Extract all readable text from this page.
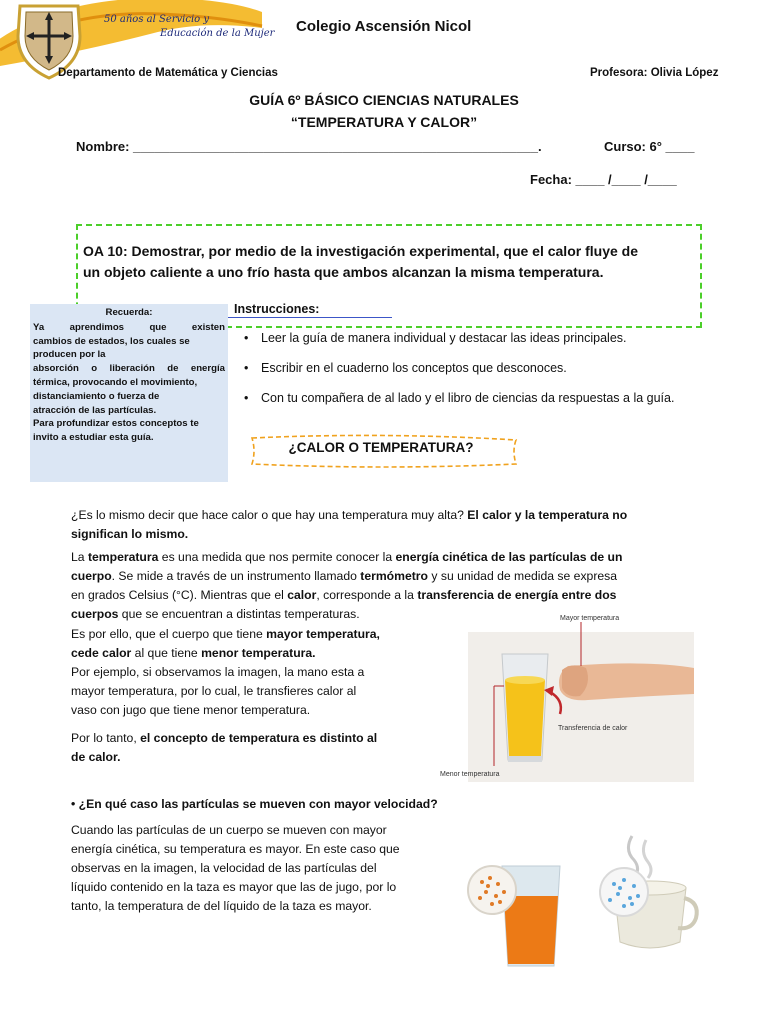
50 años al Servicio y
Educación de la Mujer Colegio Ascensión Nicol
Departamento de Matemática y Ciencias	Profesora: Olivia López
GUÍA 6º BÁSICO CIENCIAS NATURALES
“TEMPERATURA Y CALOR”
Nombre: ________________________________________________________.	Curso: 6° ____
Fecha: ____ /____ /____
OA 10: Demostrar, por medio de la investigación experimental, que el calor fluye de
un objeto caliente a uno frío hasta que ambos alcanzan la misma temperatura.
Recuerda:
Ya aprendimos que existen
cambios de estados, los cuales se
producen por la
absorción o liberación de energía
térmica, provocando el movimiento,
distanciamiento o fuerza de
atracción de las partículas.
Para profundizar estos conceptos te
invito a estudiar esta guía.
Instrucciones:
• Leer la guía de manera individual y destacar las ideas principales.
• Escribir en el cuaderno los conceptos que desconoces.
• Con tu compañera de al lado y el libro de ciencias da respuestas a la guía.
¿CALOR O TEMPERATURA?
¿Es lo mismo decir que hace calor o que hay una temperatura muy alta? El calor y la temperatura no
significan lo mismo.
La temperatura es una medida que nos permite conocer la energía cinética de las partículas de un
cuerpo. Se mide a través de un instrumento llamado termómetro y su unidad de medida se expresa
en grados Celsius (°C). Mientras que el calor, corresponde a la transferencia de energía entre dos
cuerpos que se encuentran a distintas temperaturas.
Es por ello, que el cuerpo que tiene mayor temperatura,
cede calor al que tiene menor temperatura.
Por ejemplo, si observamos la imagen, la mano esta a
mayor temperatura, por lo cual, le transfieres calor al
vaso con jugo que tiene menor temperatura.
Por lo tanto, el concepto de temperatura es distinto al
de calor.
• ¿En qué caso las partículas se mueven con mayor velocidad?
Cuando las partículas de un cuerpo se mueven con mayor
energía cinética, su temperatura es mayor. En este caso que
observas en la imagen, la velocidad de las partículas del
líquido contenido en la taza es mayor que las de jugo, por lo
tanto, la temperatura de del líquido de la taza es mayor.
Mayor temperatura
Transferencia de calor
Menor temperatura
